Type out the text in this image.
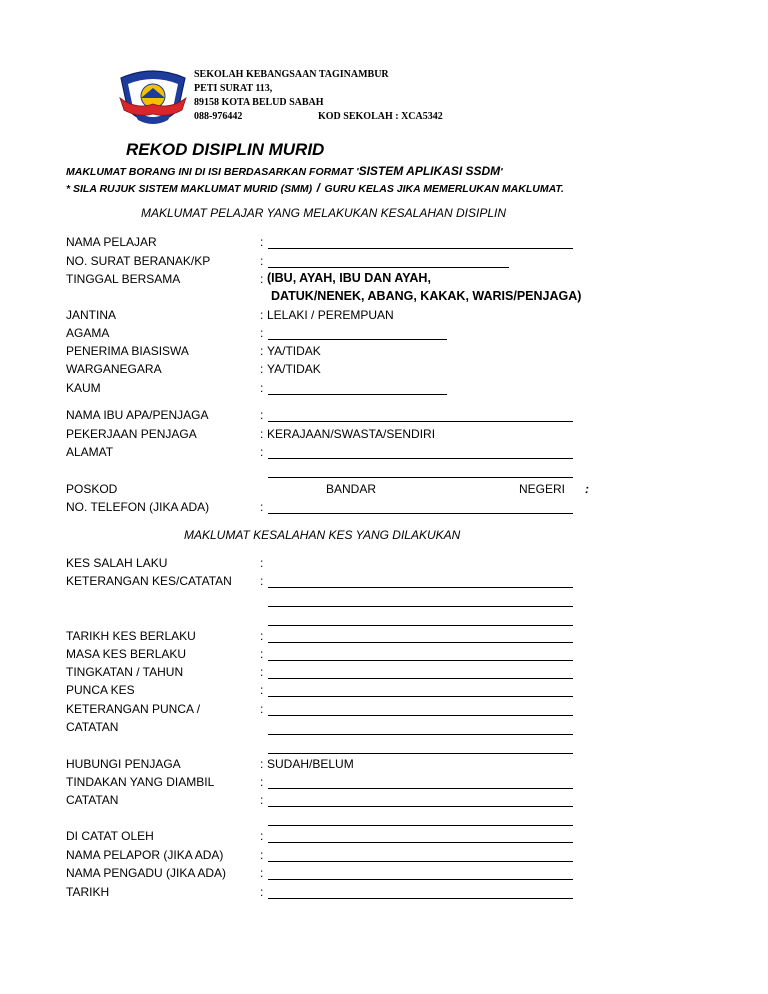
SEKOLAH KEBANGSAAN TAGINAMBUR
PETI SURAT 113,
89158 KOTA BELUD SABAH
088-976442	KOD SEKOLAH : XCA5342
REKOD DISIPLIN MURID
MAKLUMAT BORANG INI DI ISI BERDASARKAN FORMAT 'SISTEM APLIKASI SSDM'
* SILA RUJUK SISTEM MAKLUMAT MURID (SMM) / GURU KELAS JIKA MEMERLUKAN MAKLUMAT.
MAKLUMAT PELAJAR YANG MELAKUKAN KESALAHAN DISIPLIN
NAMA PELAJAR	:
NO. SURAT BERANAK/KP	:
TINGGAL BERSAMA	: (IBU, AYAH, IBU DAN AYAH,
DATUK/NENEK, ABANG, KAKAK, WARIS/PENJAGA)
JANTINA	: LELAKI / PEREMPUAN
AGAMA	:
PENERIMA BIASISWA	: YA/TIDAK
WARGANEGARA	: YA/TIDAK
KAUM	:
NAMA IBU APA/PENJAGA	:
PEKERJAAN PENJAGA	: KERAJAAN/SWASTA/SENDIRI
ALAMAT	:
POSKOD	BANDAR	NEGERI :
NO. TELEFON (JIKA ADA)	:
MAKLUMAT KESALAHAN KES YANG DILAKUKAN
KES SALAH LAKU	:
KETERANGAN KES/CATATAN :
TARIKH KES BERLAKU	:
MASA KES BERLAKU	:
TINGKATAN / TAHUN	:
PUNCA KES	:
KETERANGAN PUNCA /	:
CATATAN
HUBUNGI PENJAGA	: SUDAH/BELUM
TINDAKAN YANG DIAMBIL	:
CATATAN	:
DI CATAT OLEH	:
NAMA PELAPOR (JIKA ADA)	:
NAMA PENGADU (JIKA ADA)	:
TARIKH	:
